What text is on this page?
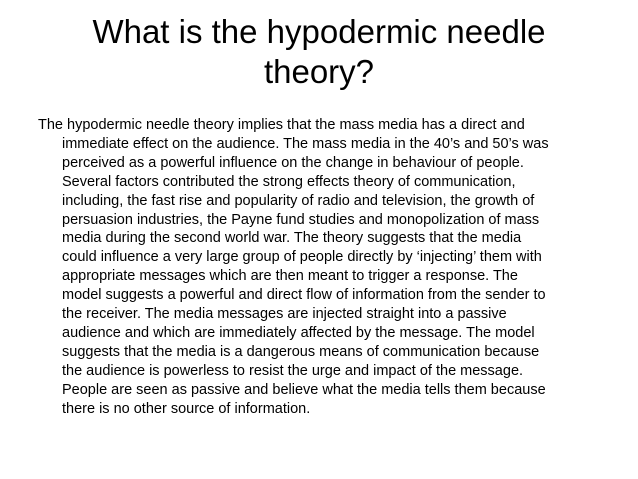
What is the hypodermic needle
theory?

The hypodermic needle theory implies that the mass media has a direct and
immediate effect on the audience. The mass media in the 40’s and 50’s was
perceived as a powerful influence on the change in behaviour of people.
Several factors contributed the strong effects theory of communication,
including, the fast rise and popularity of radio and television, the growth of
persuasion industries, the Payne fund studies and monopolization of mass
media during the second world war. The theory suggests that the media
could influence a very large group of people directly by ‘injecting’ them with
appropriate messages which are then meant to trigger a response. The
model suggests a powerful and direct flow of information from the sender to
the receiver. The media messages are injected straight into a passive
audience and which are immediately affected by the message. The model
suggests that the media is a dangerous means of communication because
the audience is powerless to resist the urge and impact of the message.
People are seen as passive and believe what the media tells them because
there is no other source of information.
